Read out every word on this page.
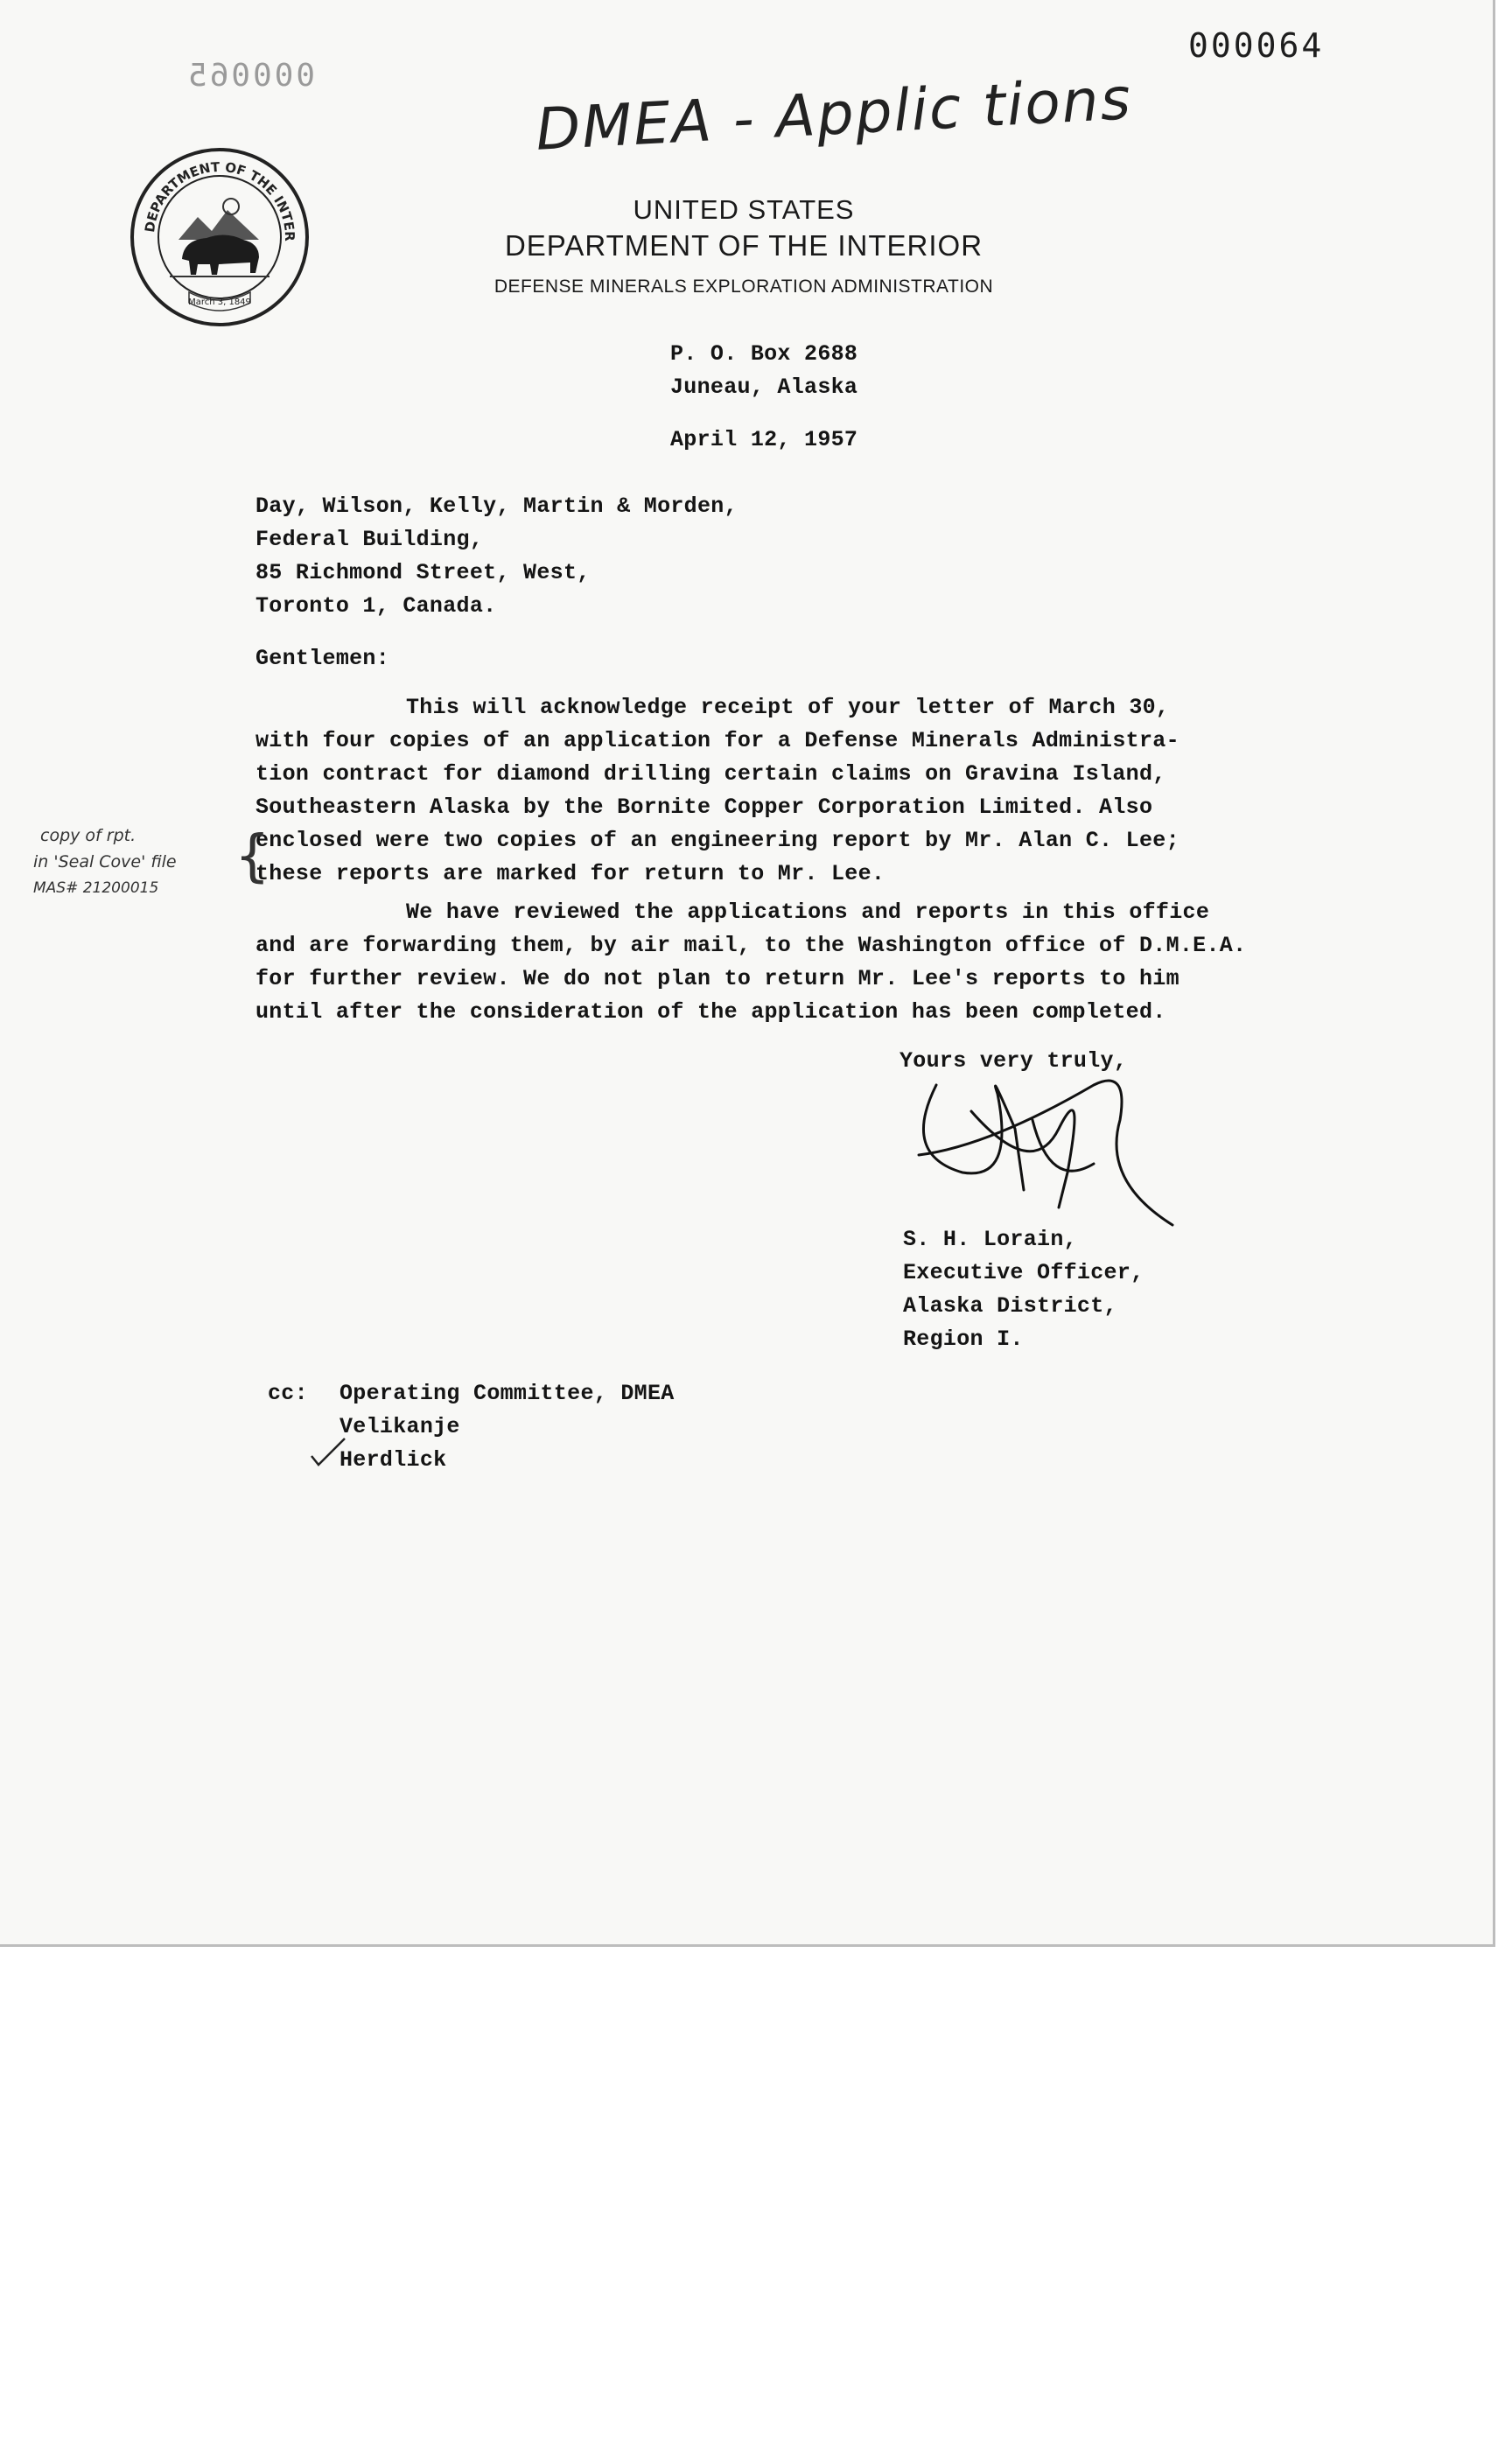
000064
000065	DMEA - Applic tions
DEPARTMENT OF THE INTER
March 3, 1849
UNITED STATES
DEPARTMENT OF THE INTERIOR
DEFENSE MINERALS EXPLORATION ADMINISTRATION
P. O. Box 2688
Juneau, Alaska
April 12, 1957
Day, Wilson, Kelly, Martin & Morden,
Federal Building,
85 Richmond Street, West,
Toronto 1, Canada.
Gentlemen:
This will acknowledge receipt of your letter of March 30,
with four copies of an application for a Defense Minerals Administra-
tion contract for diamond drilling certain claims on Gravina Island,
Southeastern Alaska by the Bornite Copper Corporation Limited. Also
enclosed were two copies of an engineering report by Mr. Alan C. Lee;
these reports are marked for return to Mr. Lee.
copy of rpt.
in 'Seal Cove' file
MAS# 21200015	{
We have reviewed the applications and reports in this office
and are forwarding them, by air mail, to the Washington office of D.M.E.A.
for further review. We do not plan to return Mr. Lee's reports to him
until after the consideration of the application has been completed.
Yours very truly,
S. H. Lorain,
Executive Officer,
Alaska District,
Region I.
cc: Operating Committee, DMEA
Velikanje
Herdlick
